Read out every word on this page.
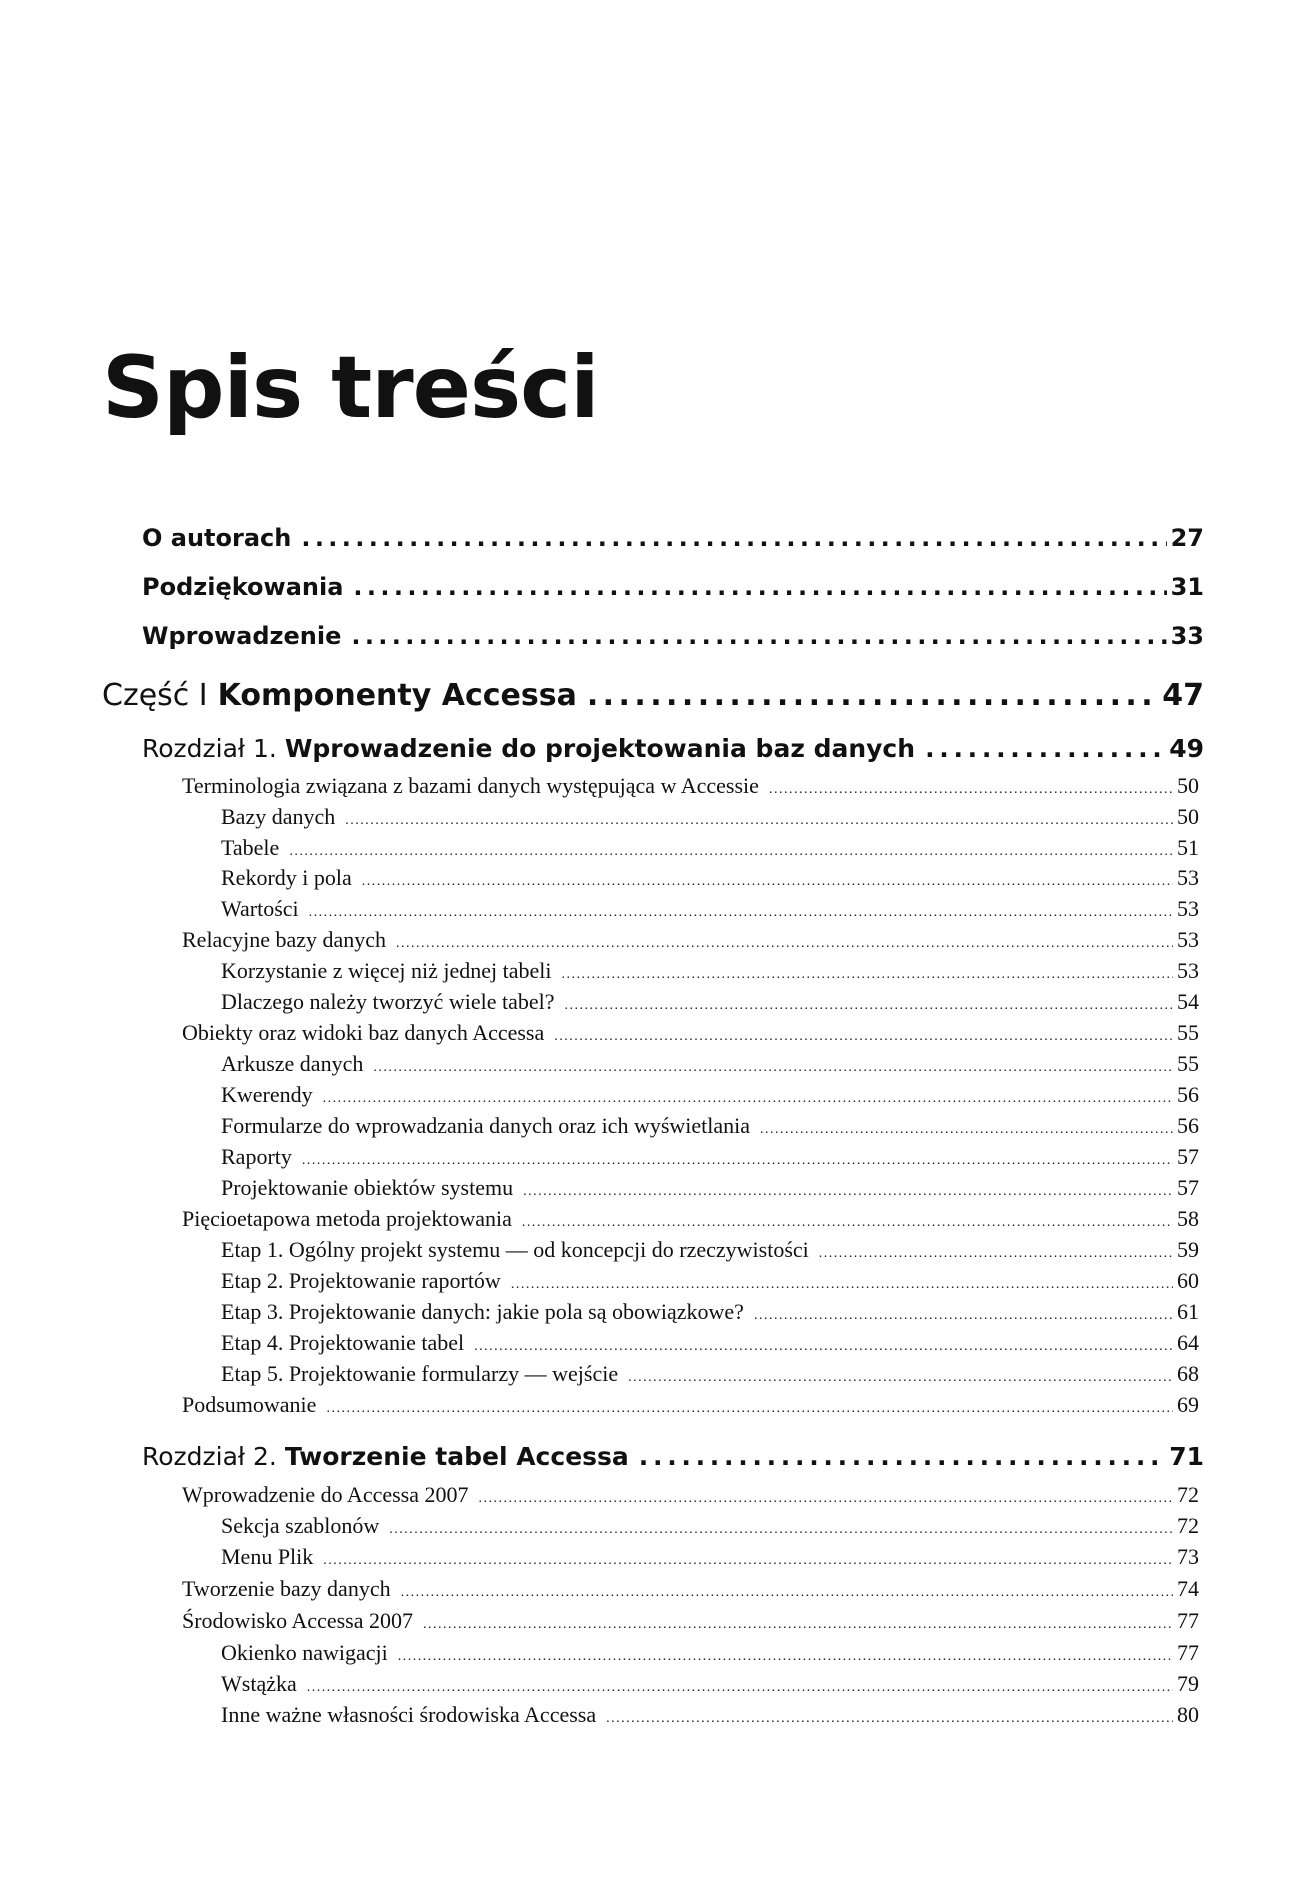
Spis treści
O autorach . . .	27
Podziękowania . . .	31
Wprowadzenie . . .	33
Część I Komponenty Accessa . . .	47
Rozdział 1. Wprowadzenie do projektowania baz danych . . .	49
Terminologia związana z bazami danych występująca w Accessie . . .	50
Bazy danych . . .	50
Tabele . . .	51
Rekordy i pola . . .	53
Wartości . . .	53
Relacyjne bazy danych . . .	53
Korzystanie z więcej niż jednej tabeli . . .	53
Dlaczego należy tworzyć wiele tabel? . . .	54
Obiekty oraz widoki baz danych Accessa . . .	55
Arkusze danych . . .	55
Kwerendy . . .	56
Formularze do wprowadzania danych oraz ich wyświetlania . . .	56
Raporty . . .	57
Projektowanie obiektów systemu . . .	57
Pięcioetapowa metoda projektowania . . .	58
Etap 1. Ogólny projekt systemu — od koncepcji do rzeczywistości . . .	59
Etap 2. Projektowanie raportów . . .	60
Etap 3. Projektowanie danych: jakie pola są obowiązkowe? . . .	61
Etap 4. Projektowanie tabel . . .	64
Etap 5. Projektowanie formularzy — wejście . . .	68
Podsumowanie . . .	69
Rozdział 2. Tworzenie tabel Accessa . . .	71
Wprowadzenie do Accessa 2007 . . .	72
Sekcja szablonów . . .	72
Menu Plik . . .	73
Tworzenie bazy danych . . .	74
Środowisko Accessa 2007 . . .	77
Okienko nawigacji . . .	77
Wstążka . . .	79
Inne ważne własności środowiska Accessa . . .	80
